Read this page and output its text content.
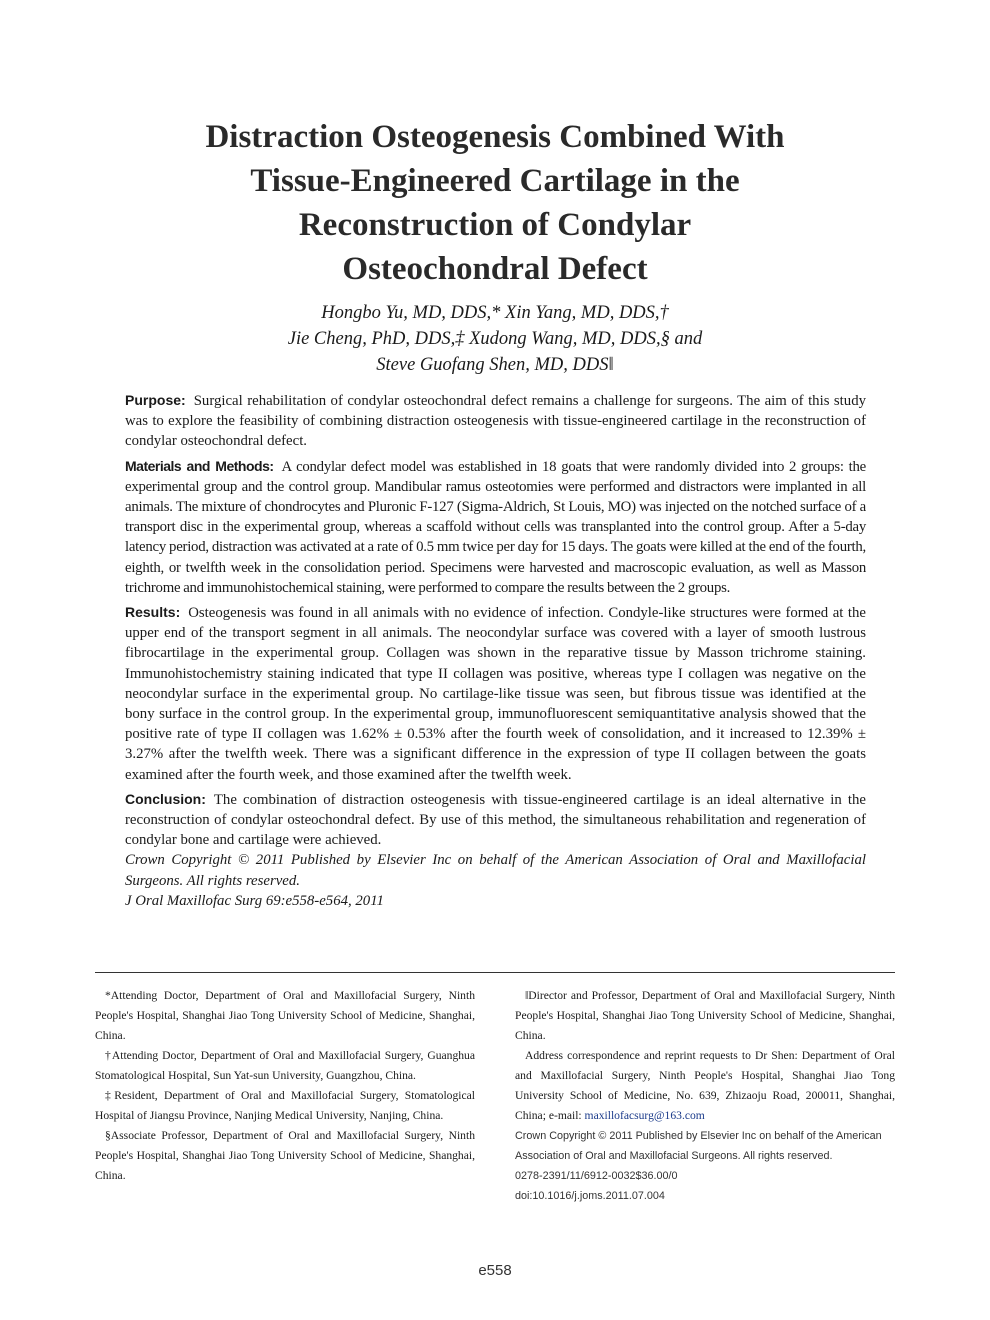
Distraction Osteogenesis Combined With
Tissue-Engineered Cartilage in the
Reconstruction of Condylar
Osteochondral Defect
Hongbo Yu, MD, DDS,* Xin Yang, MD, DDS,†
Jie Cheng, PhD, DDS,‡ Xudong Wang, MD, DDS,§ and
Steve Guofang Shen, MD, DDS‖

Purpose: Surgical rehabilitation of condylar osteochondral defect remains a challenge for surgeons. The aim of this study was to explore the feasibility of combining distraction osteogenesis with tissue-engineered cartilage in the reconstruction of condylar osteochondral defect.

Materials and Methods: A condylar defect model was established in 18 goats that were randomly divided into 2 groups: the experimental group and the control group. Mandibular ramus osteotomies were performed and distractors were implanted in all animals. The mixture of chondrocytes and Pluronic F-127 (Sigma-Aldrich, St Louis, MO) was injected on the notched surface of a transport disc in the experimental group, whereas a scaffold without cells was transplanted into the control group. After a 5-day latency period, distraction was activated at a rate of 0.5 mm twice per day for 15 days. The goats were killed at the end of the fourth, eighth, or twelfth week in the consolidation period. Specimens were harvested and macroscopic evaluation, as well as Masson trichrome and immunohistochemical staining, were performed to compare the results between the 2 groups.

Results: Osteogenesis was found in all animals with no evidence of infection. Condyle-like structures were formed at the upper end of the transport segment in all animals. The neocondylar surface was covered with a layer of smooth lustrous fibrocartilage in the experimental group. Collagen was shown in the reparative tissue by Masson trichrome staining. Immunohistochemistry staining indicated that type II collagen was positive, whereas type I collagen was negative on the neocondylar surface in the experimental group. No cartilage-like tissue was seen, but fibrous tissue was identified at the bony surface in the control group. In the experimental group, immunofluorescent semiquantitative analysis showed that the positive rate of type II collagen was 1.62% ± 0.53% after the fourth week of consolidation, and it increased to 12.39% ± 3.27% after the twelfth week. There was a significant difference in the expression of type II collagen between the goats examined after the fourth week, and those examined after the twelfth week.

Conclusion: The combination of distraction osteogenesis with tissue-engineered cartilage is an ideal alternative in the reconstruction of condylar osteochondral defect. By use of this method, the simultaneous rehabilitation and regeneration of condylar bone and cartilage were achieved.

Crown Copyright © 2011 Published by Elsevier Inc on behalf of the American Association of Oral and Maxillofacial Surgeons. All rights reserved.
J Oral Maxillofac Surg 69:e558-e564, 2011

*Attending Doctor, Department of Oral and Maxillofacial Surgery, Ninth People's Hospital, Shanghai Jiao Tong University School of Medicine, Shanghai, China.

†Attending Doctor, Department of Oral and Maxillofacial Surgery, Guanghua Stomatological Hospital, Sun Yat-sun University, Guangzhou, China.

‡Resident, Department of Oral and Maxillofacial Surgery, Stomatological Hospital of Jiangsu Province, Nanjing Medical University, Nanjing, China.

§Associate Professor, Department of Oral and Maxillofacial Surgery, Ninth People's Hospital, Shanghai Jiao Tong University School of Medicine, Shanghai, China.

‖Director and Professor, Department of Oral and Maxillofacial Surgery, Ninth People's Hospital, Shanghai Jiao Tong University School of Medicine, Shanghai, China.

Address correspondence and reprint requests to Dr Shen: Department of Oral and Maxillofacial Surgery, Ninth People's Hospital, Shanghai Jiao Tong University School of Medicine, No. 639, Zhizaoju Road, 200011, Shanghai, China; e-mail: maxillofacsurg@163.com

Crown Copyright © 2011 Published by Elsevier Inc on behalf of the American Association of Oral and Maxillofacial Surgeons. All rights reserved.

0278-2391/11/6912-0032$36.00/0

doi:10.1016/j.joms.2011.07.004

e558
